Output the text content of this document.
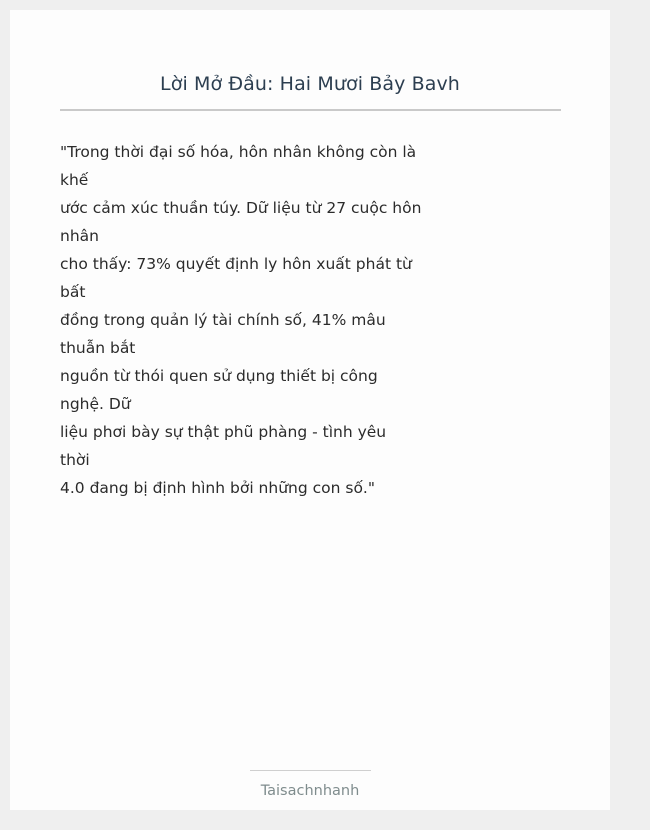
Lời Mở Đầu: Hai Mươi Bảy Bavh
"Trong thời đại số hóa, hôn nhân không còn là
khế
ước cảm xúc thuần túy. Dữ liệu từ 27 cuộc hôn
nhân
cho thấy: 73% quyết định ly hôn xuất phát từ
bất
đồng trong quản lý tài chính số, 41% mâu
thuẫn bắt
nguồn từ thói quen sử dụng thiết bị công
nghệ. Dữ
liệu phơi bày sự thật phũ phàng - tình yêu
thời
4.0 đang bị định hình bởi những con số."
Taisachnhanh
